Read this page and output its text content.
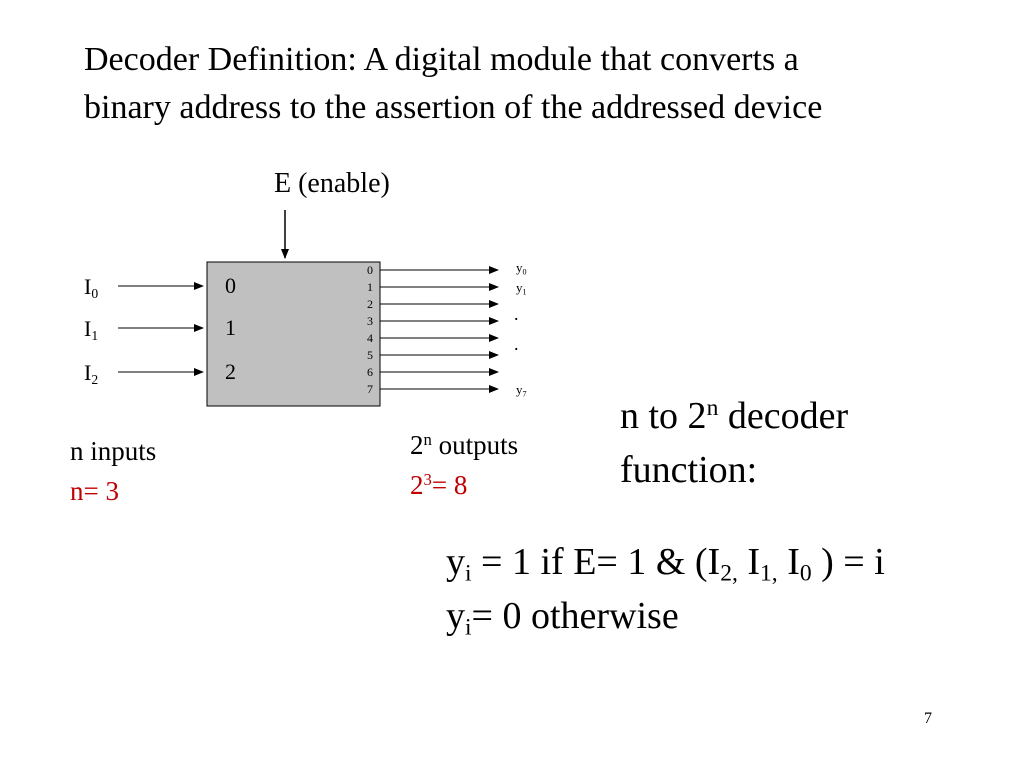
Decoder Definition: A digital module that converts a
binary address to the assertion of the addressed device
E (enable)
$I_0$
$I_1$
$I_2$
0
1
2
0
1
2
3
4
5
6
7
$y_0$
$y_1$
.
.
$y_7$
n inputs
n= 3
2$^n$ outputs
$2^3= 8$
n to 2$^n$ decoder
function:
$y_i = 1$ if E= 1 & ($I_{2,}$ $I_{1,}$ $I_0$ ) = i
$y_i= 0$ otherwise
7
